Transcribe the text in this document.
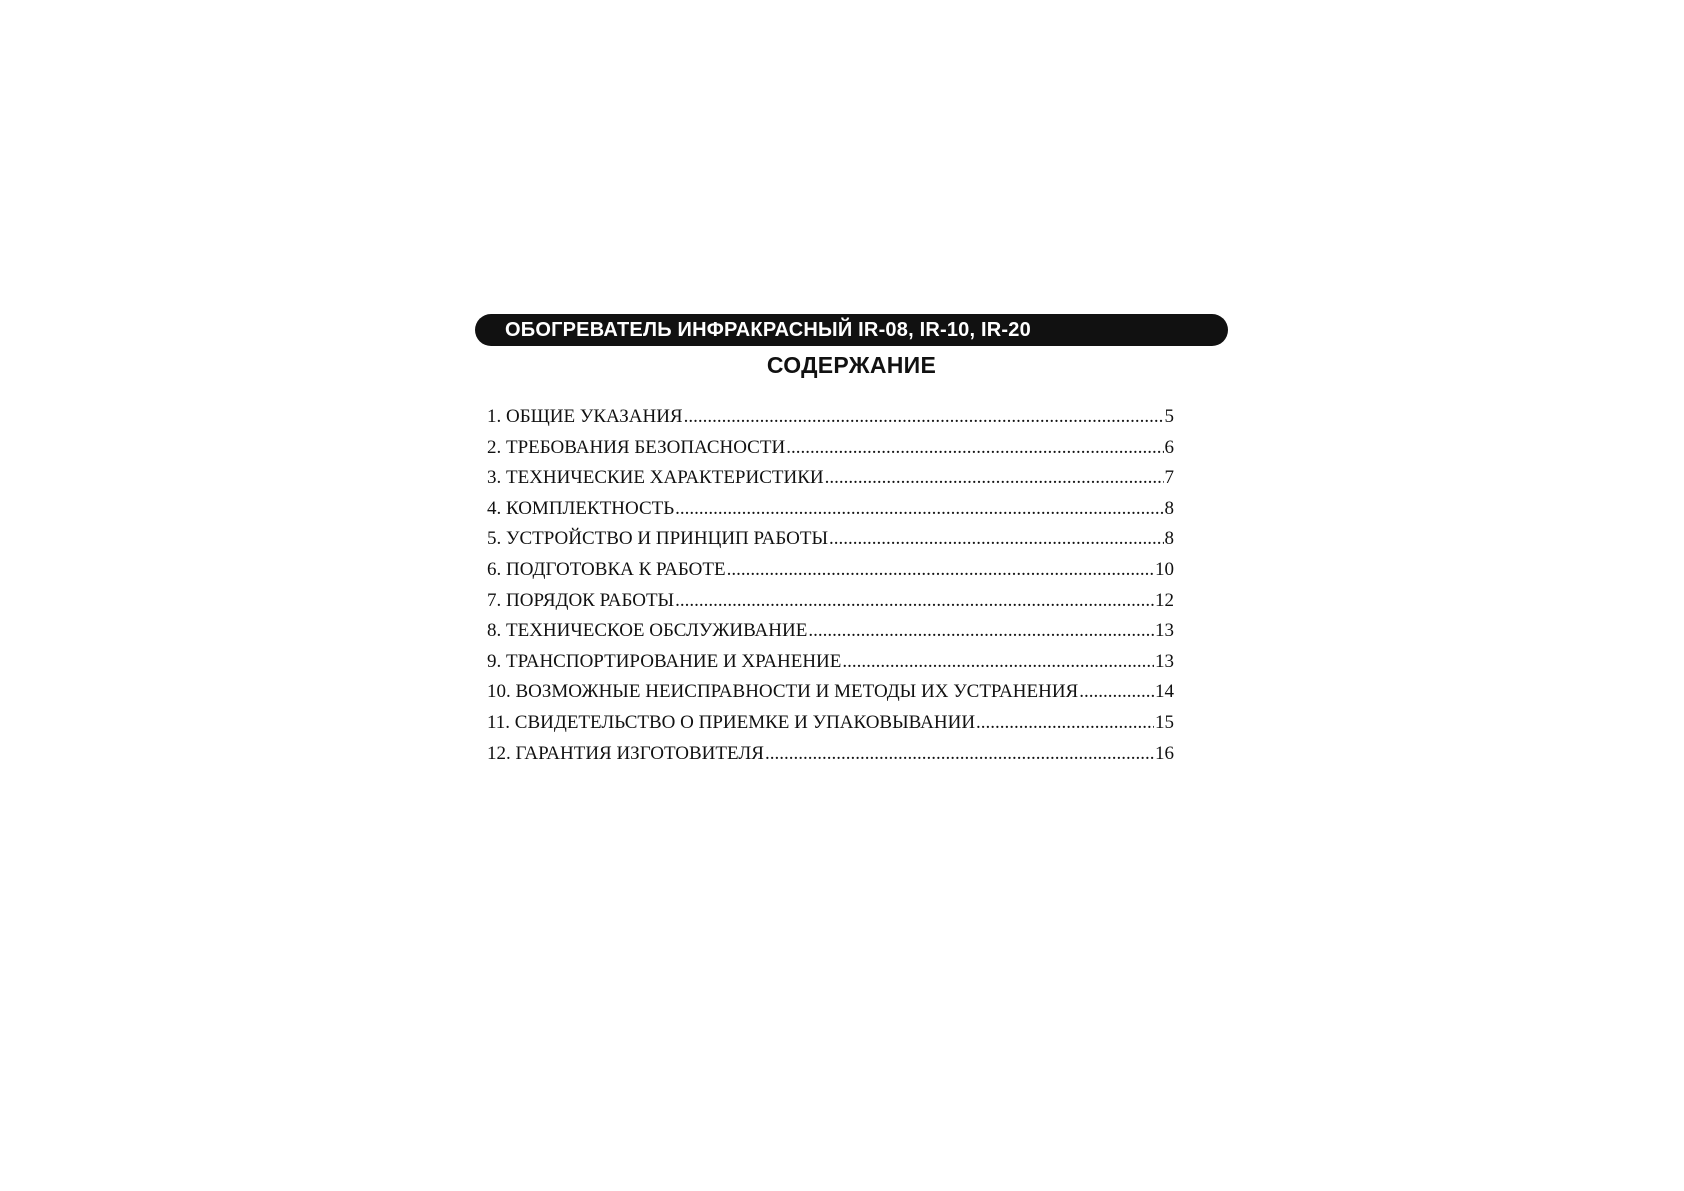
ОБОГРЕВАТЕЛЬ ИНФРАКРАСНЫЙ IR-08, IR-10, IR-20
СОДЕРЖАНИЕ
1. ОБЩИЕ УКАЗАНИЯ .....	5
2. ТРЕБОВАНИЯ БЕЗОПАСНОСТИ .....	6
3. ТЕХНИЧЕСКИЕ ХАРАКТЕРИСТИКИ .....	7
4. КОМПЛЕКТНОСТЬ .....	8
5. УСТРОЙСТВО И ПРИНЦИП РАБОТЫ .....	8
6. ПОДГОТОВКА К РАБОТЕ .....	10
7. ПОРЯДОК РАБОТЫ .....	12
8. ТЕХНИЧЕСКОЕ ОБСЛУЖИВАНИЕ .....	13
9. ТРАНСПОРТИРОВАНИЕ И ХРАНЕНИЕ .....	13
10. ВОЗМОЖНЫЕ НЕИСПРАВНОСТИ И МЕТОДЫ ИХ УСТРАНЕНИЯ .....	14
11. СВИДЕТЕЛЬСТВО О ПРИЕМКЕ И УПАКОВЫВАНИИ .....	15
12. ГАРАНТИЯ ИЗГОТОВИТЕЛЯ .....	16
